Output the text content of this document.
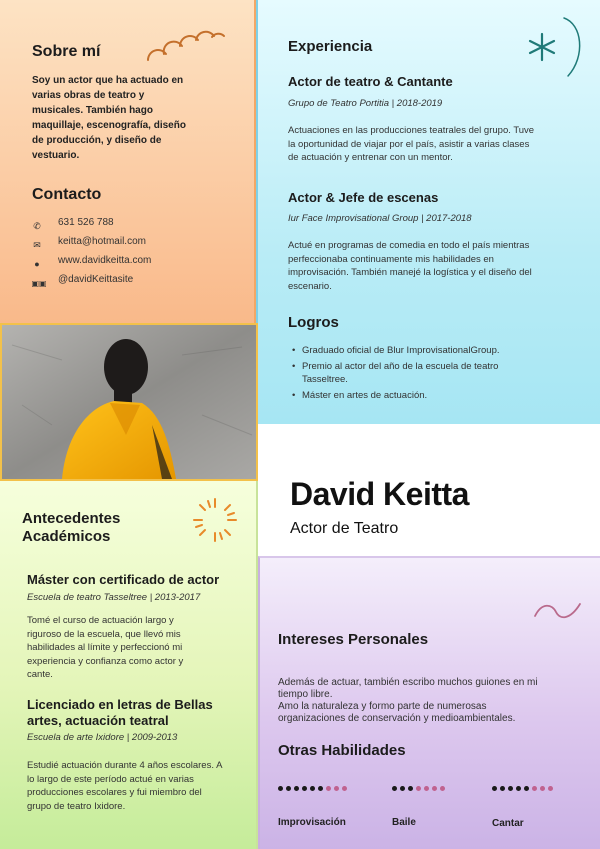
Sobre mí
Soy un actor que ha actuado en varias obras de teatro y musicales. También hago maquillaje, escenografía, diseño de producción, y diseño de vestuario.
Contacto
✆ 631 526 788
✉ keitta@hotmail.com
● www.davidkeitta.com
▣▣ @davidKeittasite
Experiencia
Actor de teatro & Cantante
Grupo de Teatro Portitia | 2018-2019
Actuaciones en las producciones teatrales del grupo. Tuve la oportunidad de viajar por el país, asistir a varias clases de actuación y entrenar con un mentor.
Actor & Jefe de escenas
Iur Face Improvisational Group | 2017-2018
Actué en programas de comedia en todo el país mientras perfeccionaba continuamente mis habilidades en improvisación. También manejé la logística y el diseño del escenario.
Logros
• Graduado oficial de Blur ImprovisationalGroup.
• Premio al actor del año de la escuela de teatro Tasseltree.
• Máster en artes de actuación.
David Keitta
Actor de Teatro
Antecedentes
Académicos
Máster con certificado de actor
Escuela de teatro Tasseltree | 2013-2017
Tomé el curso de actuación largo y riguroso de la escuela, que llevó mis habilidades al límite y perfeccionó mi experiencia y confianza como actor y cante.
Licenciado en letras de Bellas artes, actuación teatral
Escuela de arte Ixidore | 2009-2013
Estudié actuación durante 4 años escolares. A lo largo de este período actué en varias producciones escolares y fui miembro del grupo de teatro Ixidore.
Intereses Personales
Además de actuar, también escribo muchos guiones en mi tiempo libre.
Amo la naturaleza y formo parte de numerosas organizaciones de conservación y medioambientales.
Otras Habilidades
Improvisación	Baile	Cantar
